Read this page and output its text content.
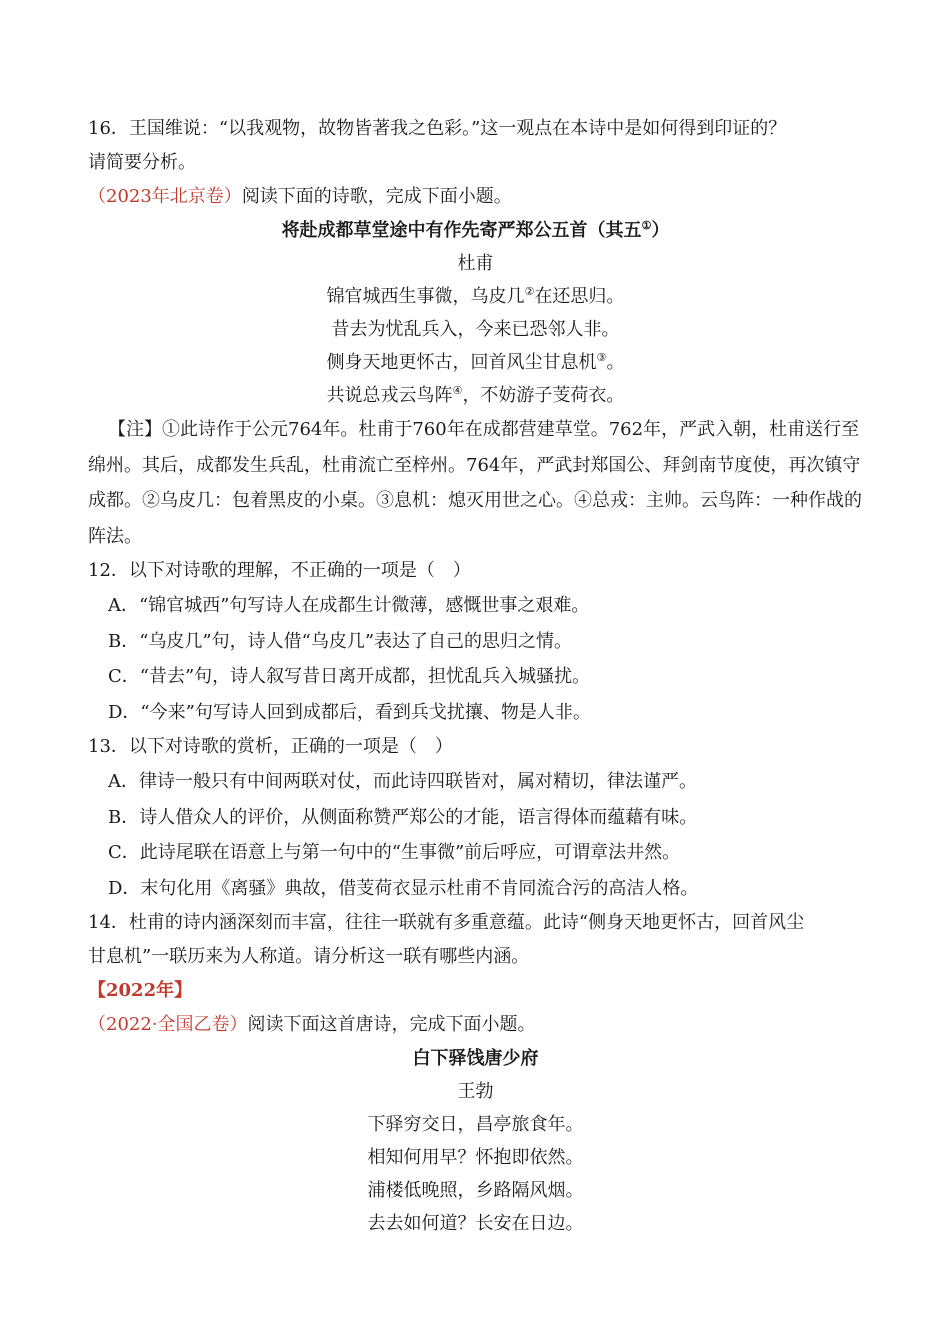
16．王国维说：“以我观物，故物皆著我之色彩。”这一观点在本诗中是如何得到印证的？
请简要分析。
（2023年北京卷）阅读下面的诗歌，完成下面小题。
将赴成都草堂途中有作先寄严郑公五首（其五①）
杜甫
锦官城西生事微，乌皮几②在还思归。
昔去为忧乱兵入，今来已恐邻人非。
侧身天地更怀古，回首风尘甘息机③。
共说总戎云鸟阵④，不妨游子芰荷衣。
【注】①此诗作于公元764年。杜甫于760年在成都营建草堂。762年，严武入朝，杜甫送行至绵州。其后，成都发生兵乱，杜甫流亡至梓州。764年，严武封郑国公、拜剑南节度使，再次镇守成都。②乌皮几：包着黑皮的小桌。③息机：熄灭用世之心。④总戎：主帅。云鸟阵：一种作战的阵法。
12．以下对诗歌的理解，不正确的一项是（　）
A．“锦官城西”句写诗人在成都生计微薄，感慨世事之艰难。
B．“乌皮几”句，诗人借“乌皮几”表达了自己的思归之情。
C．“昔去”句，诗人叙写昔日离开成都，担忧乱兵入城骚扰。
D．“今来”句写诗人回到成都后，看到兵戈扰攘、物是人非。
13．以下对诗歌的赏析，正确的一项是（　）
A．律诗一般只有中间两联对仗，而此诗四联皆对，属对精切，律法谨严。
B．诗人借众人的评价，从侧面称赞严郑公的才能，语言得体而蕴藉有味。
C．此诗尾联在语意上与第一句中的“生事微”前后呼应，可谓章法井然。
D．末句化用《离骚》典故，借芰荷衣显示杜甫不肯同流合污的高洁人格。
14．杜甫的诗内涵深刻而丰富，往往一联就有多重意蕴。此诗“侧身天地更怀古，回首风尘
甘息机”一联历来为人称道。请分析这一联有哪些内涵。
【2022年】
（2022·全国乙卷）阅读下面这首唐诗，完成下面小题。
白下驿饯唐少府
王勃
下驿穷交日，昌亭旅食年。
相知何用早？怀抱即依然。
浦楼低晚照，乡路隔风烟。
去去如何道？长安在日边。
